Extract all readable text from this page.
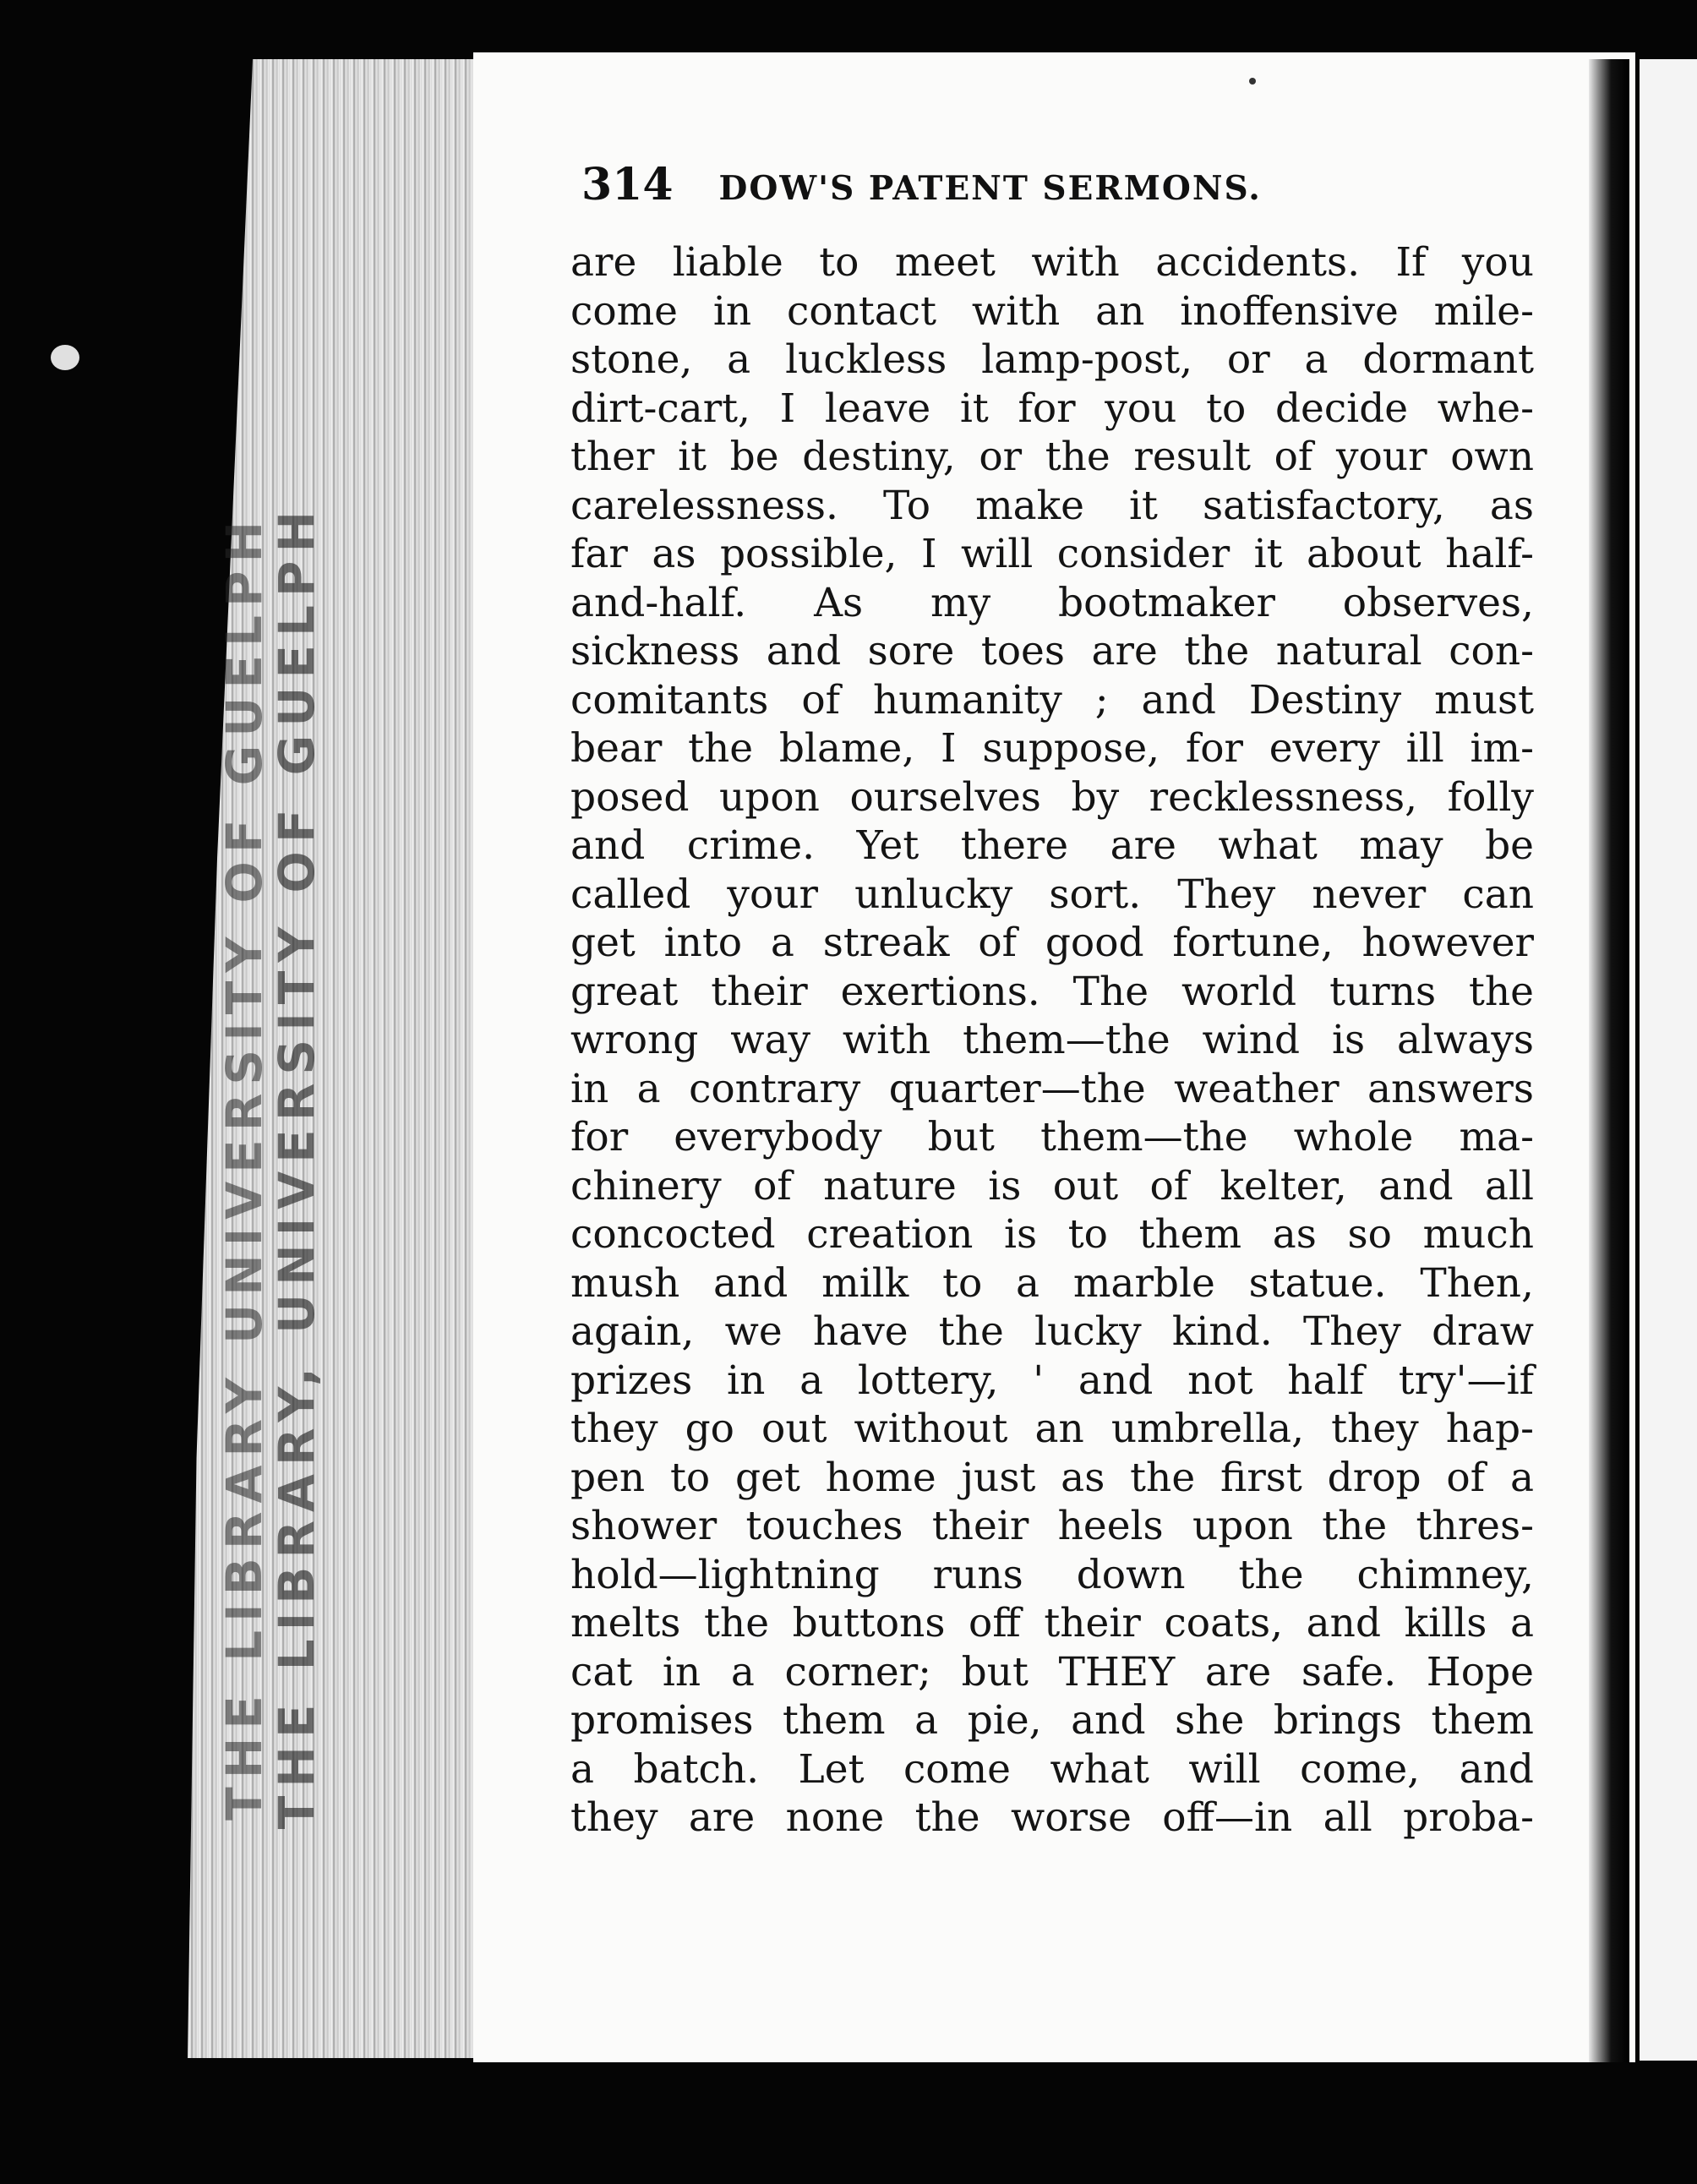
THE LIBRARY UNIVERSITY OF GUELPH
THE LIBRARY, UNIVERSITY OF GUELPH
314 DOW'S PATENT SERMONS.
are liable to meet with accidents. If you
come in contact with an inoffensive mile-
stone, a luckless lamp-post, or a dormant
dirt-cart, I leave it for you to decide whe-
ther it be destiny, or the result of your own
carelessness. To make it satisfactory, as
far as possible, I will consider it about half-
and-half. As my bootmaker observes,
sickness and sore toes are the natural con-
comitants of humanity ; and Destiny must
bear the blame, I suppose, for every ill im-
posed upon ourselves by recklessness, folly
and crime. Yet there are what may be
called your unlucky sort. They never can
get into a streak of good fortune, however
great their exertions. The world turns the
wrong way with them—the wind is always
in a contrary quarter—the weather answers
for everybody but them—the whole ma-
chinery of nature is out of kelter, and all
concocted creation is to them as so much
mush and milk to a marble statue. Then,
again, we have the lucky kind. They draw
prizes in a lottery, ' and not half try'—if
they go out without an umbrella, they hap-
pen to get home just as the first drop of a
shower touches their heels upon the thres-
hold—lightning runs down the chimney,
melts the buttons off their coats, and kills a
cat in a corner; but THEY are safe. Hope
promises them a pie, and she brings them
a batch. Let come what will come, and
they are none the worse off—in all proba-
